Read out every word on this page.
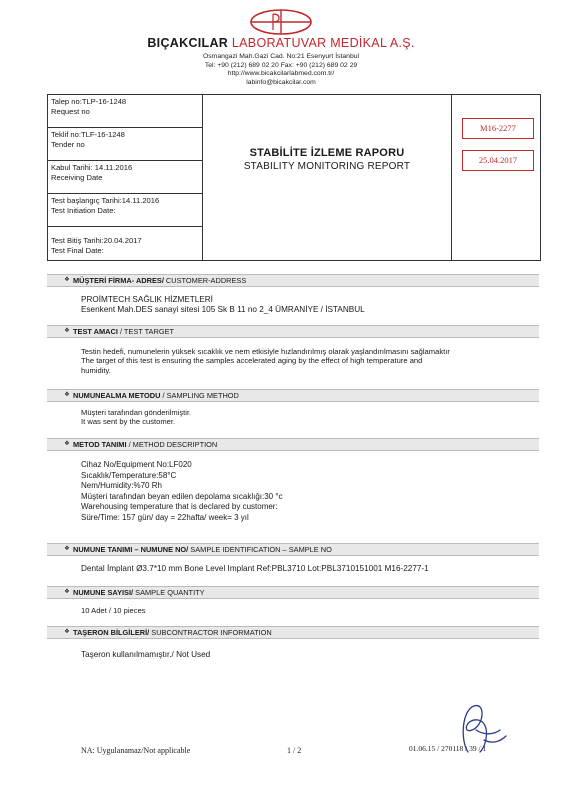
BIÇAKCILAR LABORATUVAR MEDİKAL A.Ş.
Osmangazi Mah.Gazi Cad. No:21 Esenyurt İstanbul
Tel: +90 (212) 689 02 20 Fax: +90 (212) 689 02 29
http://www.bicakcilarlabmed.com.tr/
labinfo@bicakcilar.com
Talep no:TLP-16-1248
Request no
Teklif no:TLF-16-1248
Tender no
Kabul Tarihi: 14.11.2016
Receiving Date
Test başlangıç Tarihi:14.11.2016
Test Initiation Date:
Test Bitiş Tarihi:20.04.2017
Test Final Date:
STABİLİTE İZLEME RAPORU
STABILITY MONITORING REPORT
M16-2277
25.04.2017
❖ MÜŞTERİ FİRMA- ADRES/ CUSTOMER-ADDRESS
PROİMTECH SAĞLIK HİZMETLERİ
Esenkent Mah.DES sanayi sitesi 105 Sk B 11 no 2_4 ÜMRANİYE / İSTANBUL
❖ TEST AMACI / TEST TARGET
Testin hedefi, numunelerin yüksek sıcaklık ve nem etkisiyle hızlandırılmış olarak yaşlandırılmasını sağlamaktır
The target of this test is ensuring the samples accelerated aging by the effect of high temperature and
humidity.
❖ NUMUNEALMA METODU / SAMPLING METHOD
Müşteri tarafından gönderilmiştir.
It was sent by the customer.
❖ METOD TANIMI / METHOD DESCRIPTION
Cihaz No/Equipment No:LF020
Sıcaklık/Temperature:58°C
Nem/Humidity:%70 Rh
Müşteri tarafından beyan edilen depolama sıcaklığı:30 °c
Warehousing temperature that is declared by customer:
Süre/Time: 157 gün/ day = 22hafta/ week= 3 yıl
❖ NUMUNE TANIMI – NUMUNE NO/ SAMPLE IDENTIFICATION – SAMPLE NO
Dental İmplant Ø3.7*10 mm Bone Level Implant Ref:PBL3710 Lot:PBL3710151001 M16-2277-1
❖ NUMUNE SAYISI/ SAMPLE QUANTITY
10 Adet / 10 pieces
❖ TAŞERON BİLGİLERİ/ SUBCONTRACTOR INFORMATION
Taşeron kullanılmamıştır./ Not Used
NA: Uygulanamaz/Not applicable	1 / 2	01.06.15 / 270118 / 39 / 1
